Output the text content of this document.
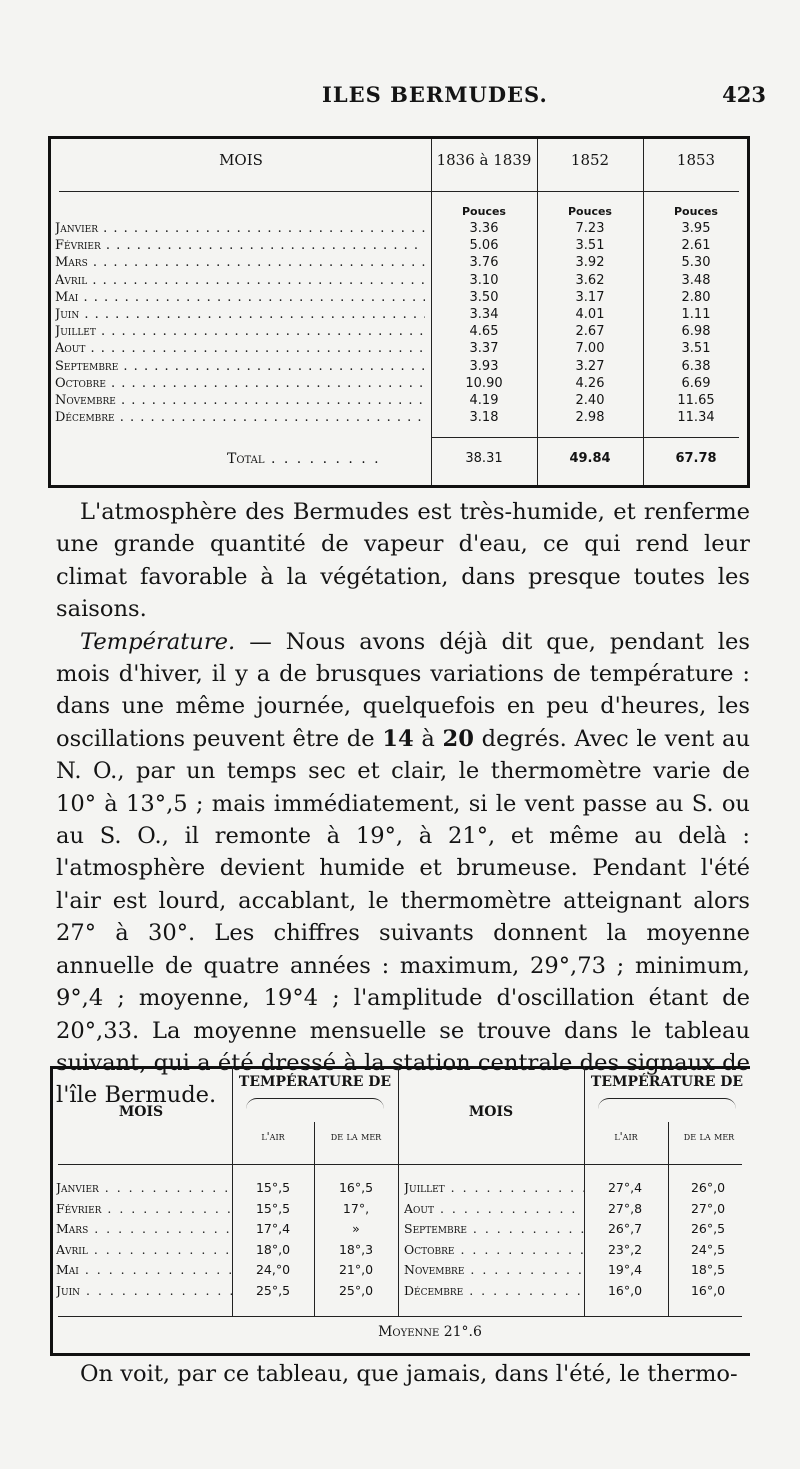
ILES BERMUDES.	423
MOIS	1836 à 1839	1852	1853
Pouces	Pouces	Pouces
Janvier . . .	3.36	7.23	3.95
Février . . .	5.06	3.51	2.61
Mars . . .	3.76	3.92	5.30
Avril . . .	3.10	3.62	3.48
Mai . . .	3.50	3.17	2.80
Juin . . .	3.34	4.01	1.11
Juillet . . .	4.65	2.67	6.98
Aout . . .	3.37	7.00	3.51
Septembre . . .	3.93	3.27	6.38
Octobre . . .	10.90	4.26	6.69
Novembre . . .	4.19	2.40	11.65
Décembre . . .	3.18	2.98	11.34
Total . . .	38.31	49.84	67.78

L'atmosphère des Bermudes est très-humide, et renferme une grande quantité de vapeur d'eau, ce qui rend leur climat favorable à la végétation, dans presque toutes les saisons.

Température. — Nous avons déjà dit que, pendant les mois d'hiver, il y a de brusques variations de température : dans une même journée, quelquefois en peu d'heures, les oscillations peuvent être de 14 à 20 degrés. Avec le vent au N. O., par un temps sec et clair, le thermomètre varie de 10° à 13°,5 ; mais immédiatement, si le vent passe au S. ou au S. O., il remonte à 19°, à 21°, et même au delà : l'atmosphère devient humide et brumeuse. Pendant l'été l'air est lourd, accablant, le thermomètre atteignant alors 27° à 30°. Les chiffres suivants donnent la moyenne annuelle de quatre années : maximum, 29°,73 ; minimum, 9°,4 ; moyenne, 19°4 ; l'amplitude d'oscillation étant de 20°,33. La moyenne mensuelle se trouve dans le tableau suivant, qui a été dressé à la station centrale des signaux de l'île Bermude.

MOIS
TEMPÉRATURE DE
l'air	de la mer
MOIS
TEMPÉRATURE DE
l'air	de la mer
Janvier . . .	15°,5	16°,5
Février . . .	15°,5	17°,
Mars . . .	17°,4	»
Avril . . .	18°,0	18°,3
Mai . . .	24,°0	21°,0
Juin . . .	25°,5	25°,0
Juillet . . .	27°,4	26°,0
Aout . . .	27°,8	27°,0
Septembre . . .	26°,7	26°,5
Octobre . . .	23°,2	24°,5
Novembre . . .	19°,4	18°,5
Décembre . . .	16°,0	16°,0
Moyenne 21°.6
On voit, par ce tableau, que jamais, dans l'été, le thermo-
